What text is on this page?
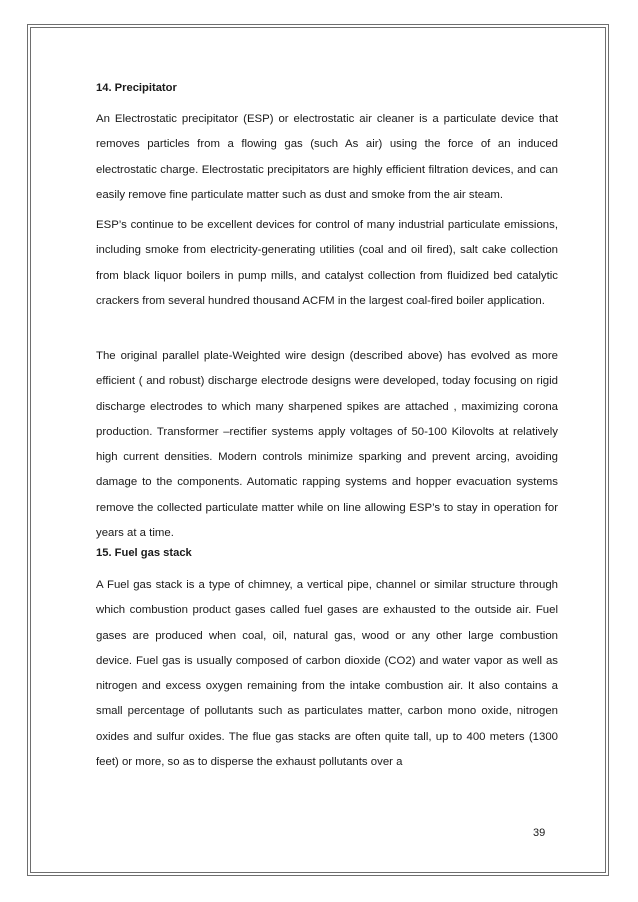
14. Precipitator

An Electrostatic precipitator (ESP) or electrostatic air cleaner is a particulate device that removes particles from a flowing gas (such As air) using the force of an induced electrostatic charge. Electrostatic precipitators are highly efficient filtration devices, and can easily remove fine particulate matter such as dust and smoke from the air steam.

ESP’s continue to be excellent devices for control of many industrial particulate emissions, including smoke from electricity-generating utilities (coal and oil fired), salt cake collection from black liquor boilers in pump mills, and catalyst collection from fluidized bed catalytic crackers from several hundred thousand ACFM in the largest coal-fired boiler application.

The original parallel plate-Weighted wire design (described above) has evolved as more efficient ( and robust) discharge electrode designs were developed, today focusing on rigid discharge electrodes to which many sharpened spikes are attached , maximizing corona production. Transformer –rectifier systems apply voltages of 50-100 Kilovolts at relatively high current densities. Modern controls minimize sparking and prevent arcing, avoiding damage to the components. Automatic rapping systems and hopper evacuation systems remove the collected particulate matter while on line allowing ESP’s to stay in operation for years at a time.

15. Fuel gas stack

A Fuel gas stack is a type of chimney, a vertical pipe, channel or similar structure through which combustion product gases called fuel gases are exhausted to the outside air. Fuel gases are produced when coal, oil, natural gas, wood or any other large combustion device. Fuel gas is usually composed of carbon dioxide (CO2) and water vapor as well as nitrogen and excess oxygen remaining from the intake combustion air. It also contains a small percentage of pollutants such as particulates matter, carbon mono oxide, nitrogen oxides and sulfur oxides. The flue gas stacks are often quite tall, up to 400 meters (1300 feet) or more, so as to disperse the exhaust pollutants over a

39
